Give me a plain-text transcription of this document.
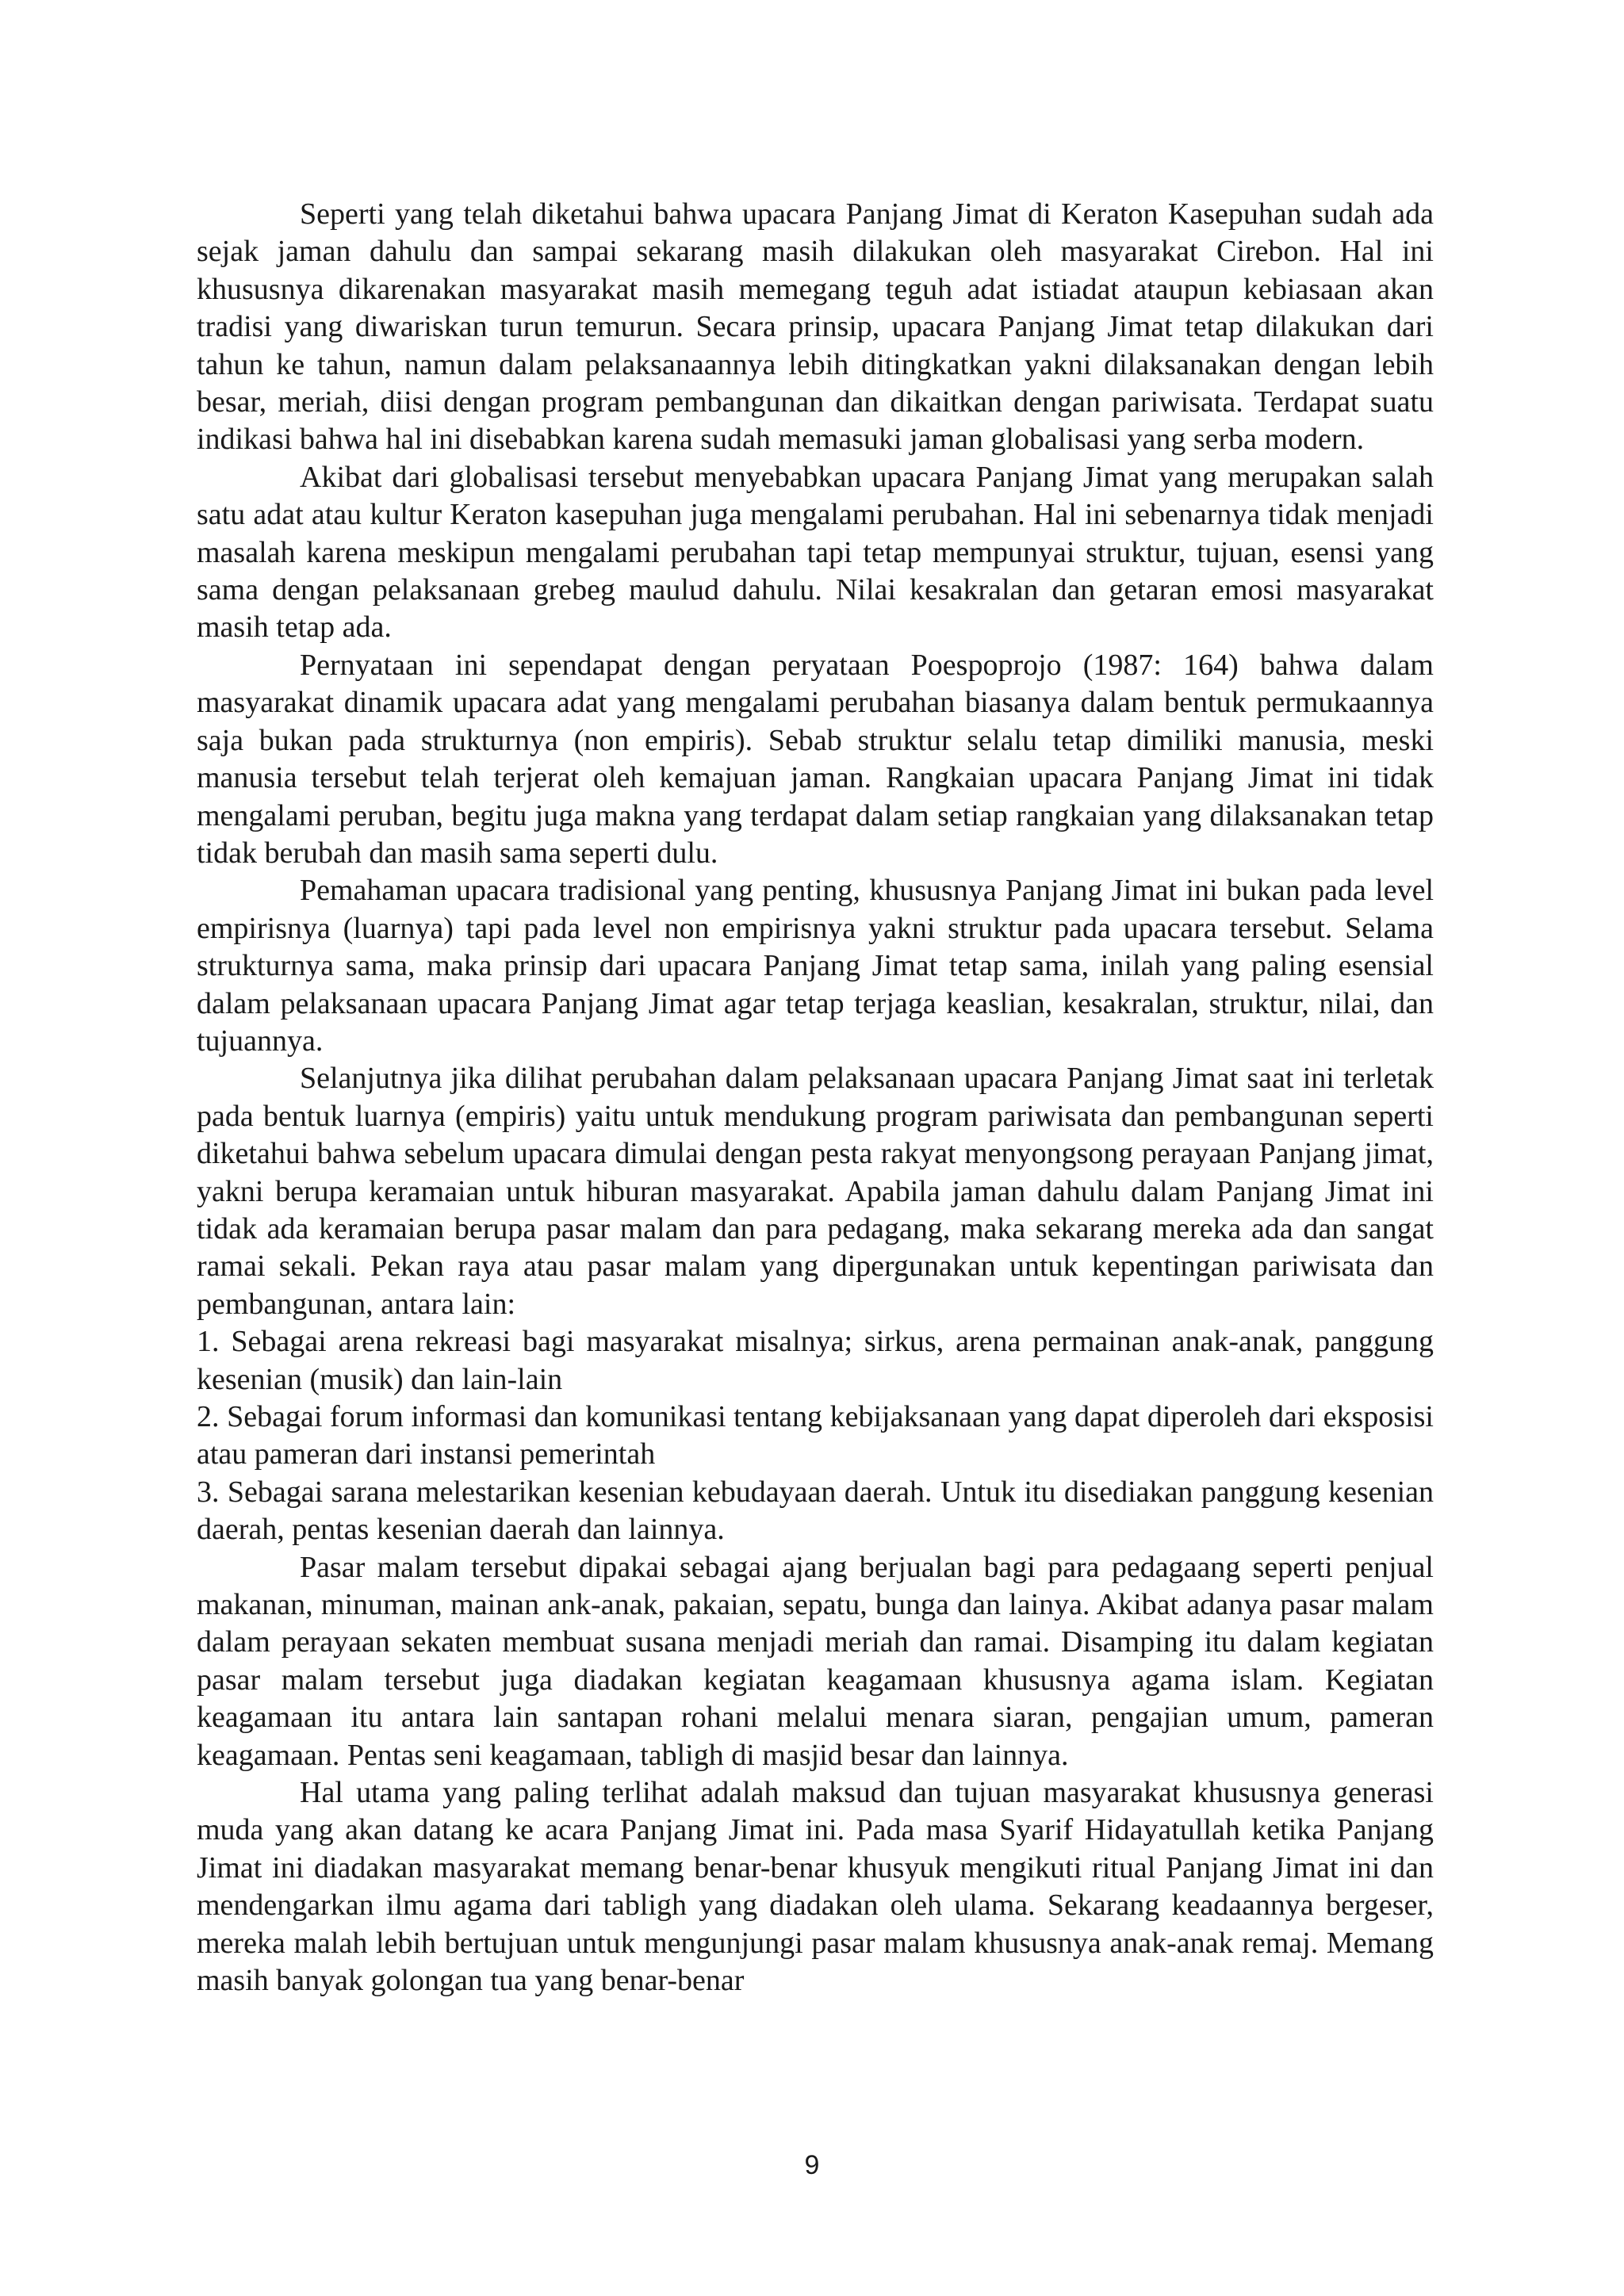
Seperti yang telah diketahui bahwa upacara Panjang Jimat di Keraton Kasepuhan sudah ada sejak jaman dahulu dan sampai sekarang masih dilakukan oleh masyarakat Cirebon. Hal ini khususnya dikarenakan masyarakat masih memegang teguh adat istiadat ataupun kebiasaan akan tradisi yang diwariskan turun temurun. Secara prinsip, upacara Panjang Jimat tetap dilakukan dari tahun ke tahun, namun dalam pelaksanaannya lebih ditingkatkan yakni dilaksanakan dengan lebih besar, meriah, diisi dengan program pembangunan dan dikaitkan dengan pariwisata. Terdapat suatu indikasi bahwa hal ini disebabkan karena sudah memasuki jaman globalisasi yang serba modern.

Akibat dari globalisasi tersebut menyebabkan upacara Panjang Jimat yang merupakan salah satu adat atau kultur Keraton kasepuhan juga mengalami perubahan. Hal ini sebenarnya tidak menjadi masalah karena meskipun mengalami perubahan tapi tetap mempunyai struktur, tujuan, esensi yang sama dengan pelaksanaan grebeg maulud dahulu. Nilai kesakralan dan getaran emosi masyarakat masih tetap ada.

Pernyataan ini sependapat dengan peryataan Poespoprojo (1987: 164) bahwa dalam masyarakat dinamik upacara adat yang mengalami perubahan biasanya dalam bentuk permukaannya saja bukan pada strukturnya (non empiris). Sebab struktur selalu tetap dimiliki manusia, meski manusia tersebut telah terjerat oleh kemajuan jaman. Rangkaian upacara Panjang Jimat ini tidak mengalami peruban, begitu juga makna yang terdapat dalam setiap rangkaian yang dilaksanakan tetap tidak berubah dan masih sama seperti dulu.

Pemahaman upacara tradisional yang penting, khususnya Panjang Jimat ini bukan pada level empirisnya (luarnya) tapi pada level non empirisnya yakni struktur pada upacara tersebut. Selama strukturnya sama, maka prinsip dari upacara Panjang Jimat tetap sama, inilah yang paling esensial dalam pelaksanaan upacara Panjang Jimat agar tetap terjaga keaslian, kesakralan, struktur, nilai, dan tujuannya.

Selanjutnya jika dilihat perubahan dalam pelaksanaan upacara Panjang Jimat saat ini terletak pada bentuk luarnya (empiris) yaitu untuk mendukung program pariwisata dan pembangunan seperti diketahui bahwa sebelum upacara dimulai dengan pesta rakyat menyongsong perayaan Panjang jimat, yakni berupa keramaian untuk hiburan masyarakat. Apabila jaman dahulu dalam Panjang Jimat ini tidak ada keramaian berupa pasar malam dan para pedagang, maka sekarang mereka ada dan sangat ramai sekali. Pekan raya atau pasar malam yang dipergunakan untuk kepentingan pariwisata dan pembangunan, antara lain:

1. Sebagai arena rekreasi bagi masyarakat misalnya; sirkus, arena permainan anak-anak, panggung kesenian (musik) dan lain-lain

2. Sebagai forum informasi dan komunikasi tentang kebijaksanaan yang dapat diperoleh dari eksposisi atau pameran dari instansi pemerintah

3. Sebagai sarana melestarikan kesenian kebudayaan daerah. Untuk itu disediakan panggung kesenian daerah, pentas kesenian daerah dan lainnya.

Pasar malam tersebut dipakai sebagai ajang berjualan bagi para pedagaang seperti penjual makanan, minuman, mainan ank-anak, pakaian, sepatu, bunga dan lainya. Akibat adanya pasar malam dalam perayaan sekaten membuat susana menjadi meriah dan ramai. Disamping itu dalam kegiatan pasar malam tersebut juga diadakan kegiatan keagamaan khususnya agama islam. Kegiatan keagamaan itu antara lain santapan rohani melalui menara siaran, pengajian umum, pameran keagamaan. Pentas seni keagamaan, tabligh di masjid besar dan lainnya.

Hal utama yang paling terlihat adalah maksud dan tujuan masyarakat khususnya generasi muda yang akan datang ke acara Panjang Jimat ini. Pada masa Syarif Hidayatullah ketika Panjang Jimat ini diadakan masyarakat memang benar-benar khusyuk mengikuti ritual Panjang Jimat ini dan mendengarkan ilmu agama dari tabligh yang diadakan oleh ulama. Sekarang keadaannya bergeser, mereka malah lebih bertujuan untuk mengunjungi pasar malam khususnya anak-anak remaj. Memang masih banyak golongan tua yang benar-benar

9
